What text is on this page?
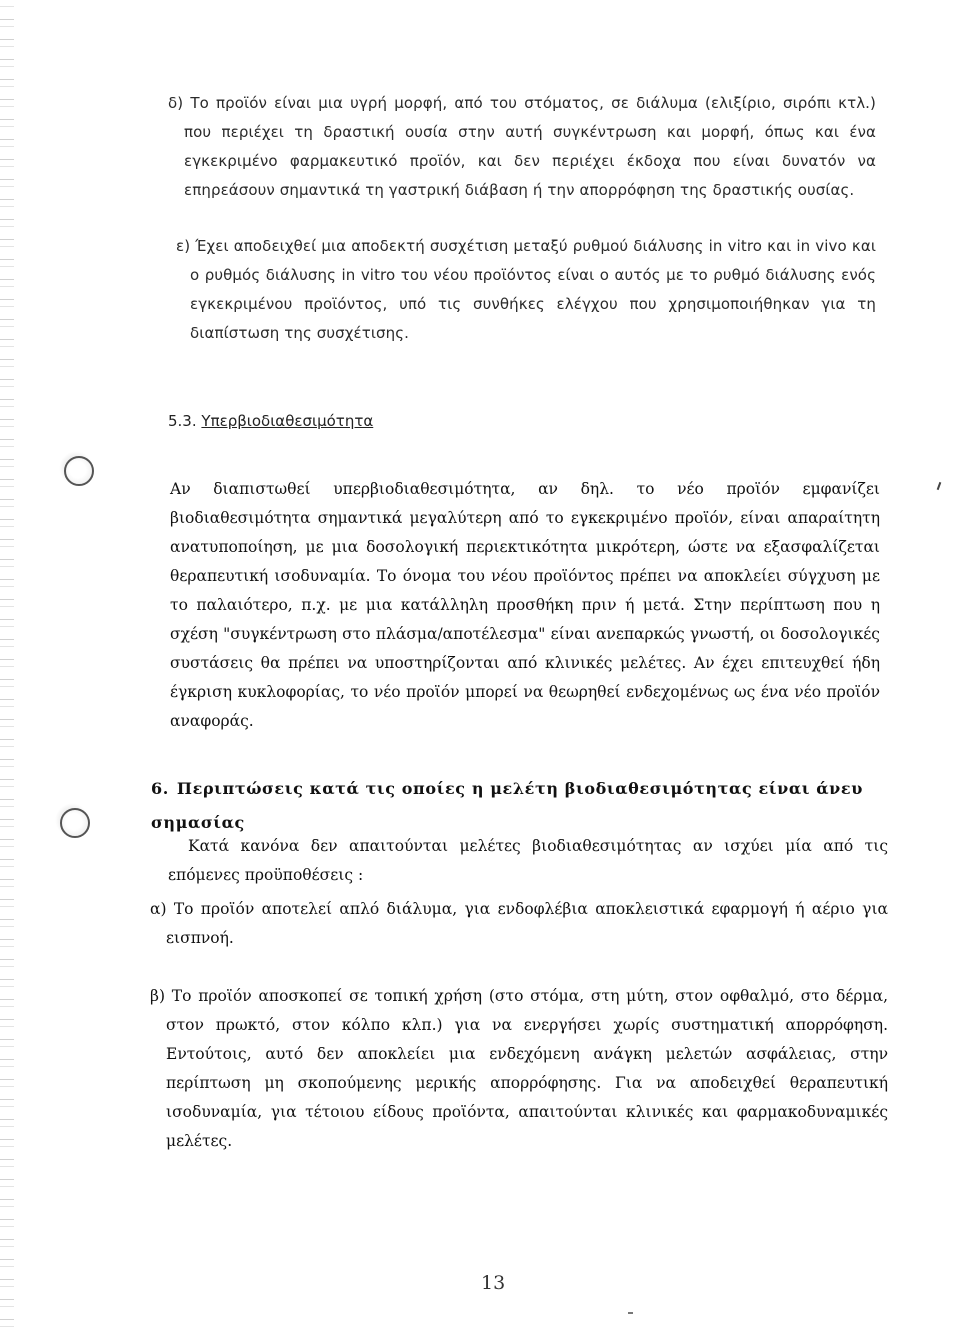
δ) Το προϊόν είναι μια υγρή μορφή, από του στόματος, σε διάλυμα (ελιξίριο, σιρόπι κτλ.) που περιέχει τη δραστική ουσία στην αυτή συγκέντρωση και μορφή, όπως και ένα εγκεκριμένο φαρμακευτικό προϊόν, και δεν περιέχει έκδοχα που είναι δυνατόν να επηρεάσουν σημαντικά τη γαστρική διάβαση ή την απορρόφηση της δραστικής ουσίας.

ε) Έχει αποδειχθεί μια αποδεκτή συσχέτιση μεταξύ ρυθμού διάλυσης in vitro και in vivo και ο ρυθμός διάλυσης in vitro του νέου προϊόντος είναι ο αυτός με το ρυθμό διάλυσης ενός εγκεκριμένου προϊόντος, υπό τις συνθήκες ελέγχου που χρησιμοποιήθηκαν για τη διαπίστωση της συσχέτισης.

5.3. Υπερβιοδιαθεσιμότητα

Αν διαπιστωθεί υπερβιοδιαθεσιμότητα, αν δηλ. το νέο προϊόν εμφανίζει βιοδιαθεσιμότητα σημαντικά μεγαλύτερη από το εγκεκριμένο προϊόν, είναι απαραίτητη ανατυποποίηση, με μια δοσολογική περιεκτικότητα μικρότερη, ώστε να εξασφαλίζεται θεραπευτική ισοδυναμία. Το όνομα του νέου προϊόντος πρέπει να αποκλείει σύγχυση με το παλαιότερο, π.χ. με μια κατάλληλη προσθήκη πριν ή μετά. Στην περίπτωση που η σχέση "συγκέντρωση στο πλάσμα/αποτέλεσμα" είναι ανεπαρκώς γνωστή, οι δοσολογικές συστάσεις θα πρέπει να υποστηρίζονται από κλινικές μελέτες. Αν έχει επιτευχθεί ήδη έγκριση κυκλοφορίας, το νέο προϊόν μπορεί να θεωρηθεί ενδεχομένως ως ένα νέο προϊόν αναφοράς.

6. Περιπτώσεις κατά τις οποίες η μελέτη βιοδιαθεσιμότητας είναι άνευ σημασίας

Κατά κανόνα δεν απαιτούνται μελέτες βιοδιαθεσιμότητας αν ισχύει μία από τις επόμενες προϋποθέσεις :

α) Το προϊόν αποτελεί απλό διάλυμα, για ενδοφλέβια αποκλειστικά εφαρμογή ή αέριο για εισπνοή.

β) Το προϊόν αποσκοπεί σε τοπική χρήση (στο στόμα, στη μύτη, στον οφθαλμό, στο δέρμα, στον πρωκτό, στον κόλπο κλπ.) για να ενεργήσει χωρίς συστηματική απορρόφηση. Εντούτοις, αυτό δεν αποκλείει μια ενδεχόμενη ανάγκη μελετών ασφάλειας, στην περίπτωση μη σκοπούμενης μερικής απορρόφησης. Για να αποδειχθεί θεραπευτική ισοδυναμία, για τέτοιου είδους προϊόντα, απαιτούνται κλινικές και φαρμακοδυναμικές μελέτες.

13
